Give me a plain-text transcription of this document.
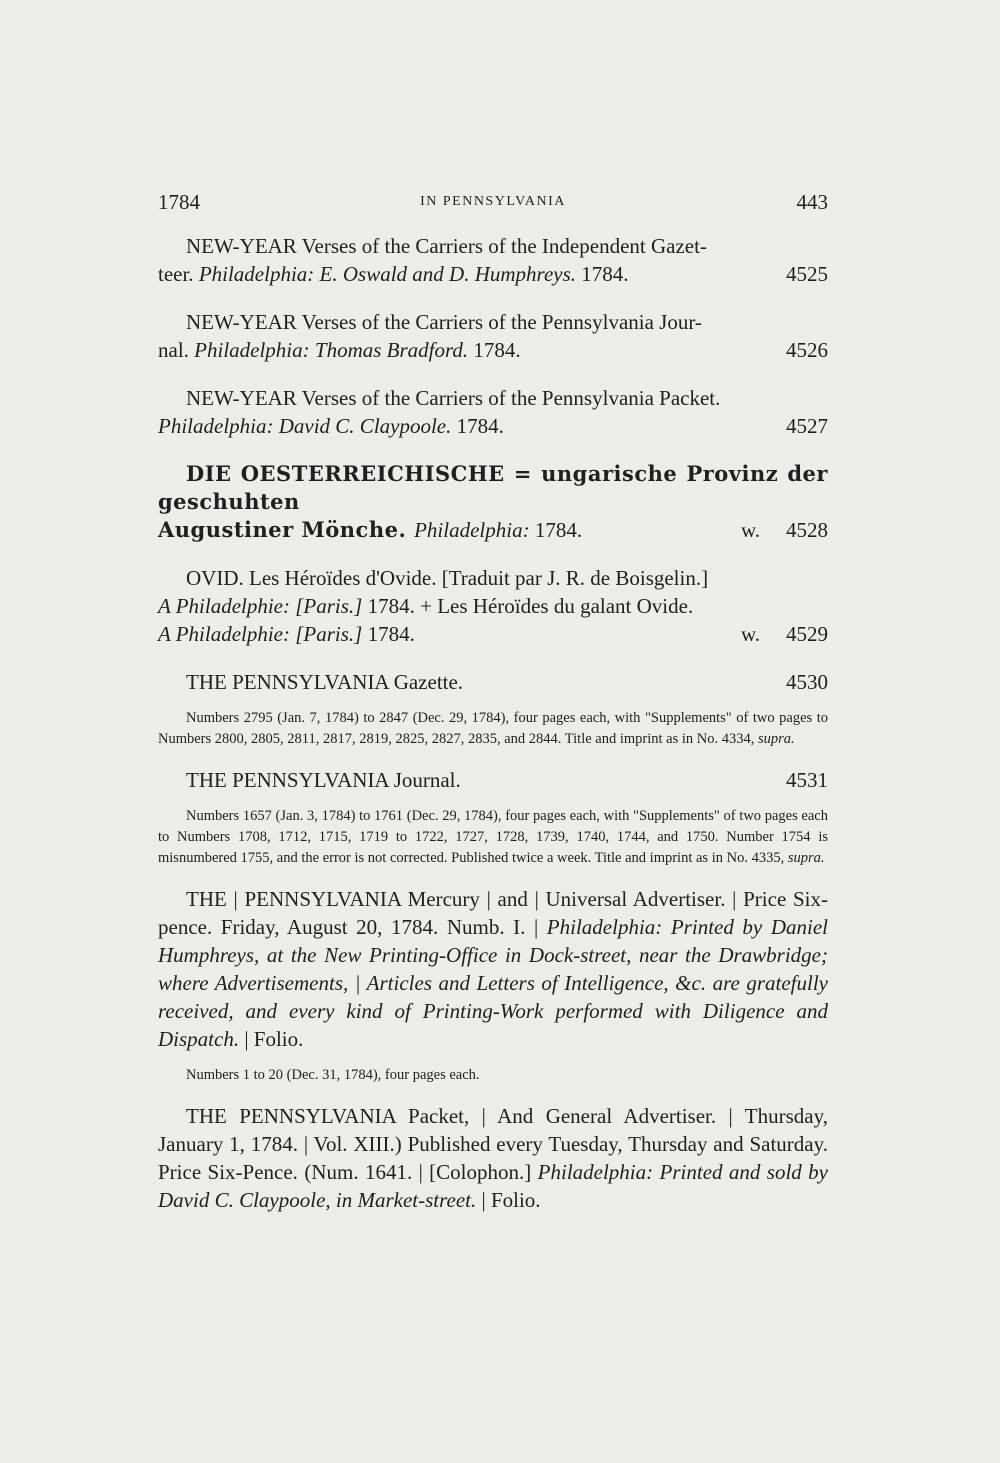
1784	IN PENNSYLVANIA	443

NEW-YEAR Verses of the Carriers of the Independent Gazet-

teer. Philadelphia: E. Oswald and D. Humphreys. 1784.	4525

NEW-YEAR Verses of the Carriers of the Pennsylvania Jour-

nal. Philadelphia: Thomas Bradford. 1784.	4526

NEW-YEAR Verses of the Carriers of the Pennsylvania Packet.

Philadelphia: David C. Claypoole. 1784.	4527

DIE OESTERREICHISCHE = ungarische Provinz der geschuhten

Augustiner Mönche. Philadelphia: 1784.	w. 4528

OVID. Les Héroïdes d'Ovide. [Traduit par J. R. de Boisgelin.]

A Philadelphie: [Paris.] 1784. + Les Héroïdes du galant Ovide.
A Philadelphie: [Paris.] 1784.	w. 4529
THE PENNSYLVANIA Gazette.	4530

Numbers 2795 (Jan. 7, 1784) to 2847 (Dec. 29, 1784), four pages each, with "Supplements" of two pages to Numbers 2800, 2805, 2811, 2817, 2819, 2825, 2827, 2835, and 2844. Title and imprint as in No. 4334, supra.

THE PENNSYLVANIA Journal.	4531

Numbers 1657 (Jan. 3, 1784) to 1761 (Dec. 29, 1784), four pages each, with "Supplements" of two pages each to Numbers 1708, 1712, 1715, 1719 to 1722, 1727, 1728, 1739, 1740, 1744, and 1750. Number 1754 is misnumbered 1755, and the error is not corrected. Published twice a week. Title and imprint as in No. 4335, supra.

THE | PENNSYLVANIA Mercury | and | Universal Advertiser. | Price Six-pence. Friday, August 20, 1784. Numb. I. | Philadelphia: Printed by Daniel Humphreys, at the New Printing-Office in Dock-street, near the Drawbridge; where Advertisements, | Articles and Letters of Intelligence, &c. are gratefully received, and every kind of Printing-Work performed with Diligence and Dispatch. | Folio.

Numbers 1 to 20 (Dec. 31, 1784), four pages each.

THE PENNSYLVANIA Packet, | And General Advertiser. | Thursday, January 1, 1784. | Vol. XIII.) Published every Tuesday, Thursday and Saturday. Price Six-Pence. (Num. 1641. | [Colophon.] Philadelphia: Printed and sold by David C. Claypoole, in Market-street. | Folio.
